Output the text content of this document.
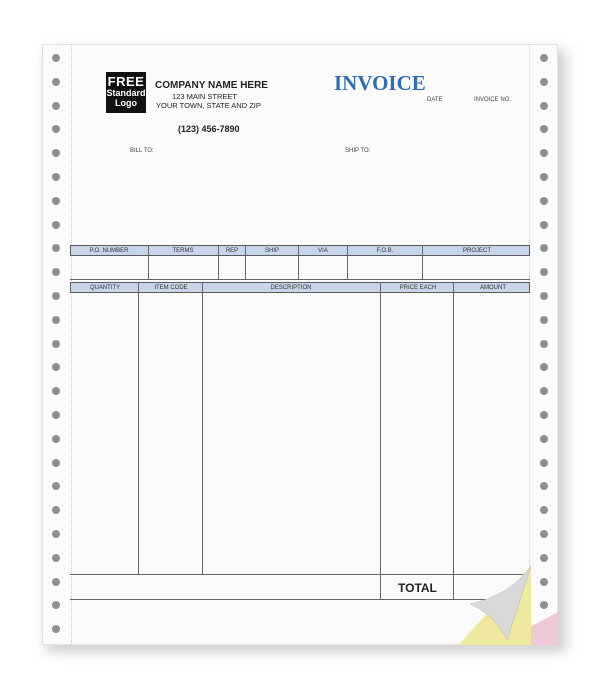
FREE
Standard
Logo
COMPANY NAME HERE
123 MAIN STREET
YOUR TOWN, STATE AND ZIP
(123) 456-7890
INVOICE
DATE	INVOICE NO.
BILL TO:	SHIP TO:
P.O. NUMBER	TERMS	REP	SHIP	VIA	F.O.B.	PROJECT
QUANTITY	ITEM CODE	DESCRIPTION	PRICE EACH	AMOUNT
TOTAL
